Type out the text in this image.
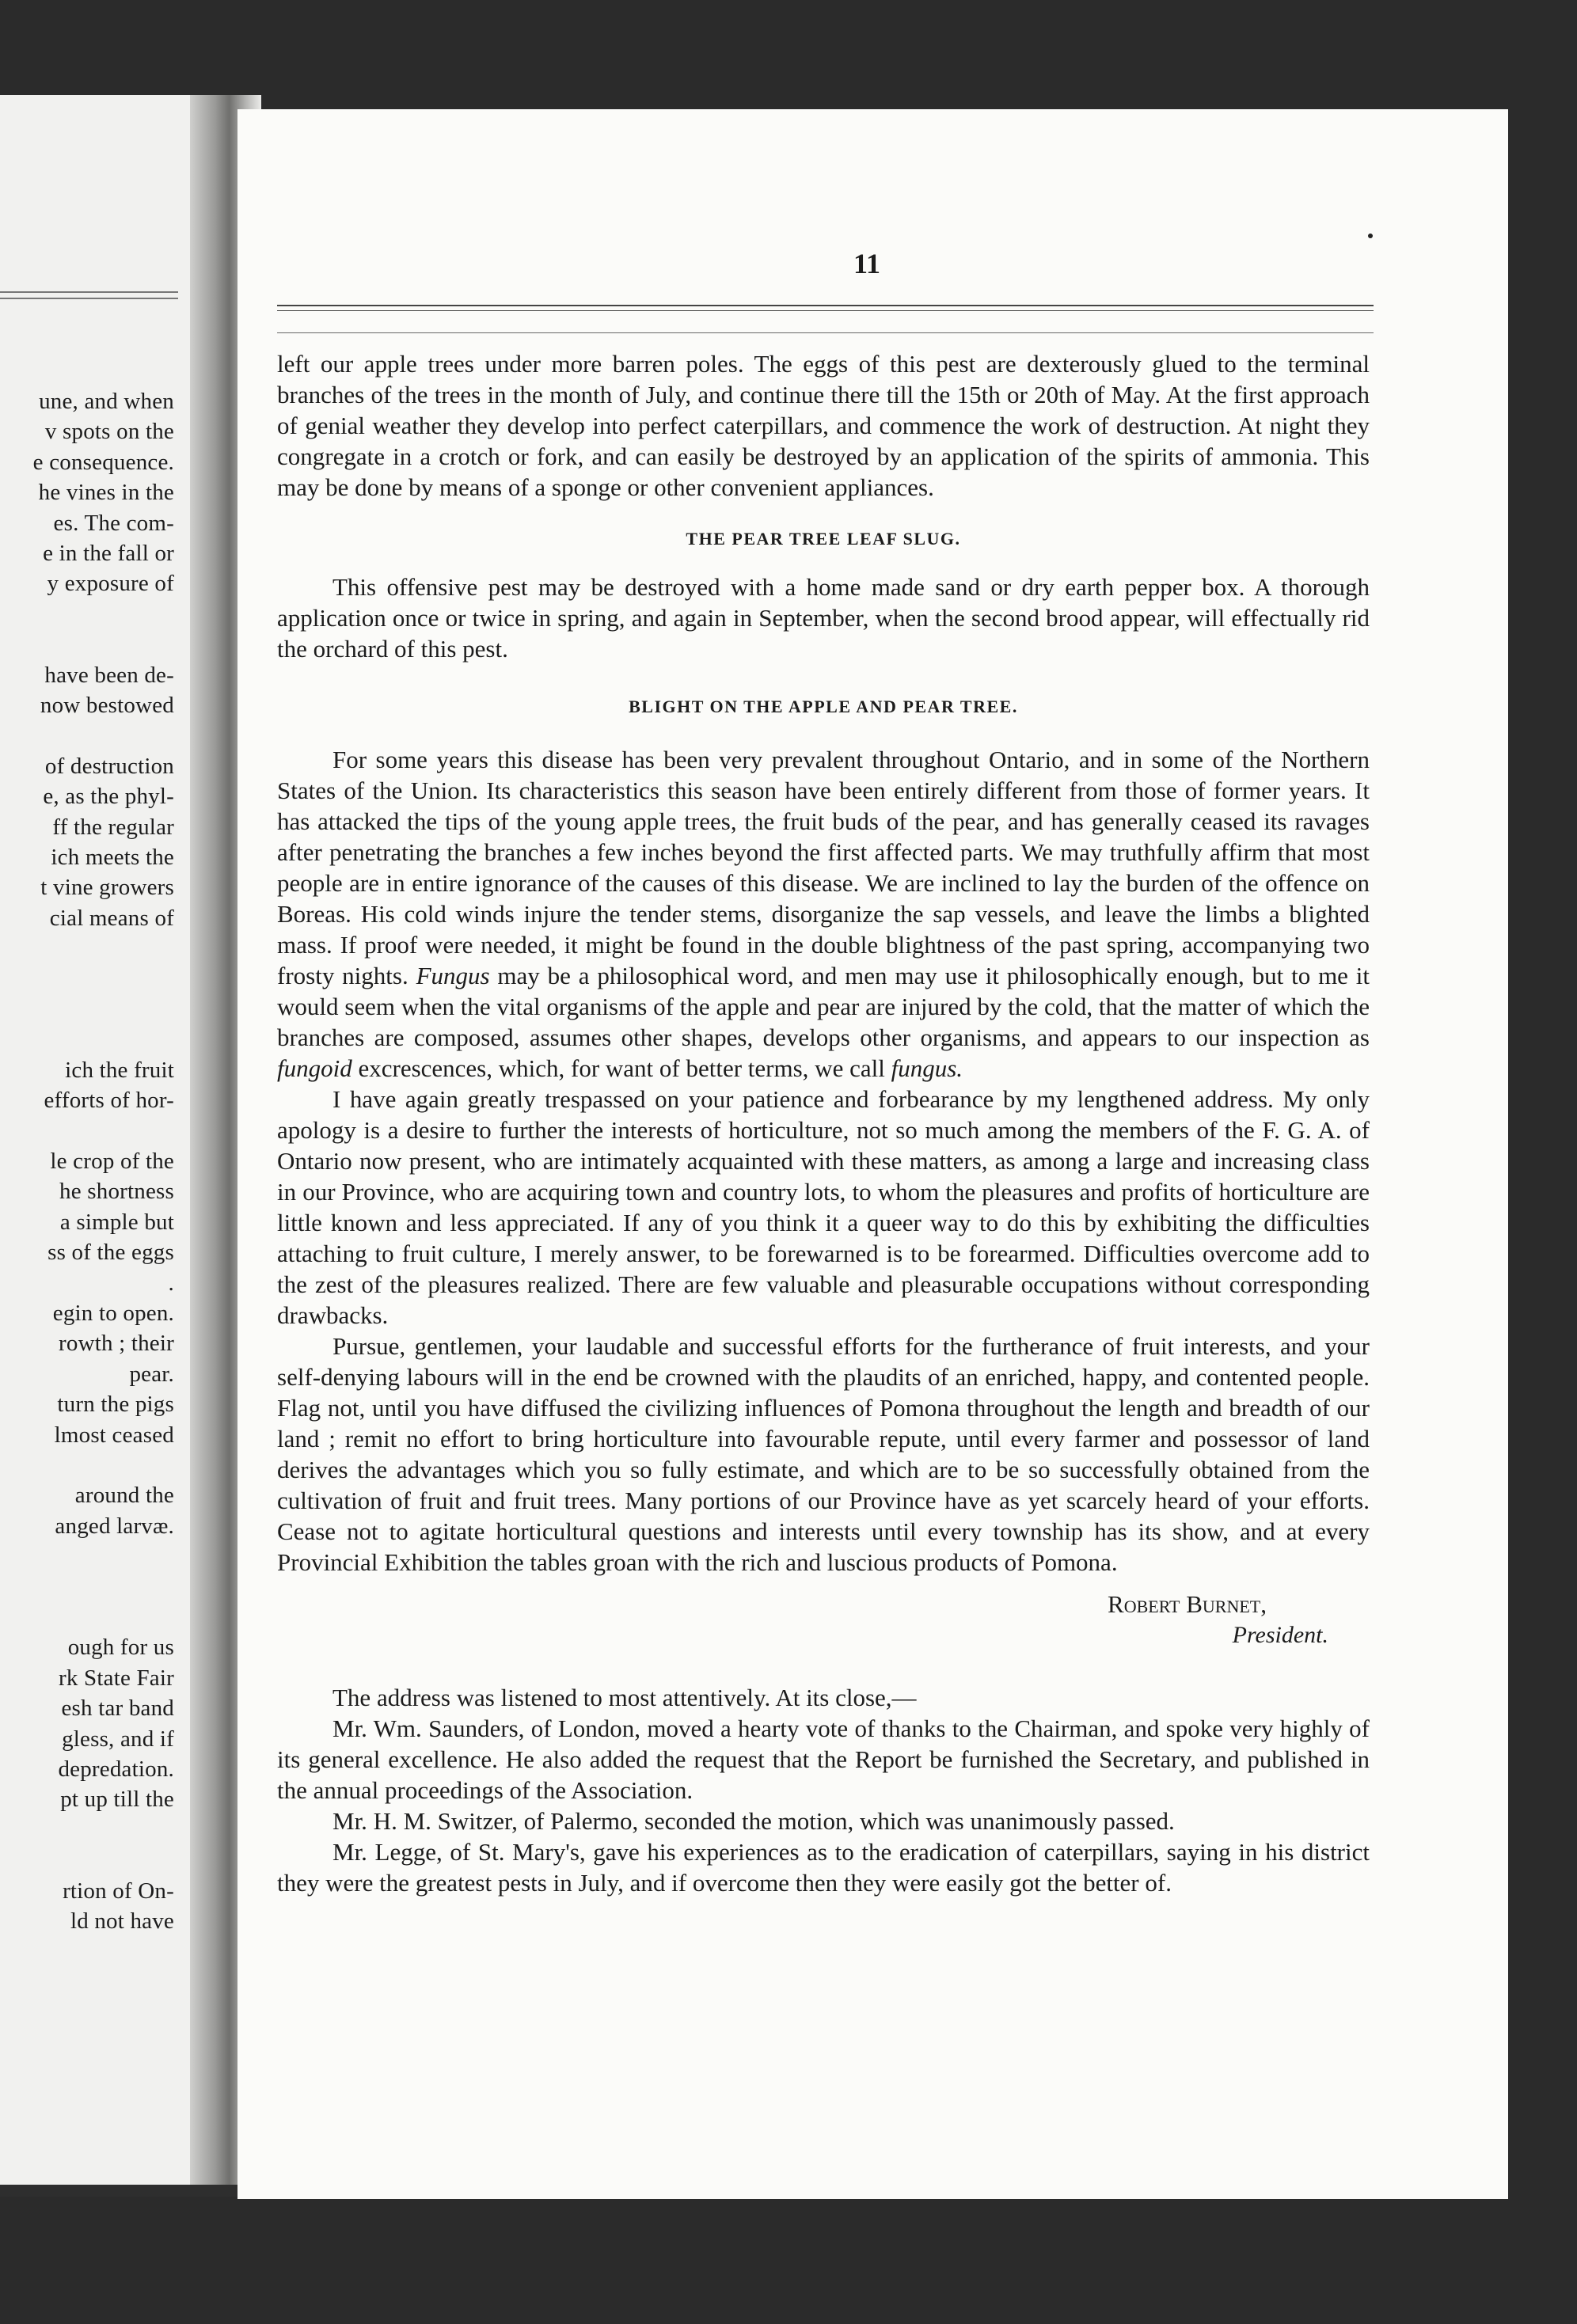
une, and when
v spots on the
e consequence.
he vines in the
es. The com-
e in the fall or
y exposure of
have been de-
now bestowed
of destruction
e, as the phyl-
ff the regular
ich meets the
t vine growers
cial means of
ich the fruit
efforts of hor-
le crop of the
he shortness
a simple but
ss of the eggs
.
egin to open.
rowth ; their
pear.
turn the pigs
lmost ceased
around the
anged larvæ.
ough for us
rk State Fair
esh tar band
gless, and if
depredation.
pt up till the
rtion of On-
ld not have
11

left our apple trees under more barren poles. The eggs of this pest are dexterously glued to the terminal branches of the trees in the month of July, and continue there till the 15th or 20th of May. At the first approach of genial weather they develop into perfect caterpillars, and commence the work of destruction. At night they congregate in a crotch or fork, and can easily be destroyed by an application of the spirits of ammonia. This may be done by means of a sponge or other convenient appliances.

THE PEAR TREE LEAF SLUG.

This offensive pest may be destroyed with a home made sand or dry earth pepper box. A thorough application once or twice in spring, and again in September, when the second brood appear, will effectually rid the orchard of this pest.

BLIGHT ON THE APPLE AND PEAR TREE.

For some years this disease has been very prevalent throughout Ontario, and in some of the Northern States of the Union. Its characteristics this season have been entirely different from those of former years. It has attacked the tips of the young apple trees, the fruit buds of the pear, and has generally ceased its ravages after penetrating the branches a few inches beyond the first affected parts. We may truthfully affirm that most people are in entire ignorance of the causes of this disease. We are inclined to lay the burden of the offence on Boreas. His cold winds injure the tender stems, disorganize the sap vessels, and leave the limbs a blighted mass. If proof were needed, it might be found in the double blightness of the past spring, accompanying two frosty nights. Fungus may be a philosophical word, and men may use it philosophically enough, but to me it would seem when the vital organisms of the apple and pear are injured by the cold, that the matter of which the branches are composed, assumes other shapes, develops other organisms, and appears to our inspection as fungoid excrescences, which, for want of better terms, we call fungus.

I have again greatly trespassed on your patience and forbearance by my lengthened address. My only apology is a desire to further the interests of horticulture, not so much among the members of the F. G. A. of Ontario now present, who are intimately acquainted with these matters, as among a large and increasing class in our Province, who are acquiring town and country lots, to whom the pleasures and profits of horticulture are little known and less appreciated. If any of you think it a queer way to do this by exhibiting the difficulties attaching to fruit culture, I merely answer, to be forewarned is to be forearmed. Difficulties overcome add to the zest of the pleasures realized. There are few valuable and pleasurable occupations without corresponding drawbacks.

Pursue, gentlemen, your laudable and successful efforts for the furtherance of fruit interests, and your self-denying labours will in the end be crowned with the plaudits of an enriched, happy, and contented people. Flag not, until you have diffused the civilizing influences of Pomona throughout the length and breadth of our land ; remit no effort to bring horticulture into favourable repute, until every farmer and possessor of land derives the advantages which you so fully estimate, and which are to be so successfully obtained from the cultivation of fruit and fruit trees. Many portions of our Province have as yet scarcely heard of your efforts. Cease not to agitate horticultural questions and interests until every township has its show, and at every Provincial Exhibition the tables groan with the rich and luscious products of Pomona.

Robert Burnet,
President.

The address was listened to most attentively. At its close,—

Mr. Wm. Saunders, of London, moved a hearty vote of thanks to the Chairman, and spoke very highly of its general excellence. He also added the request that the Report be furnished the Secretary, and published in the annual proceedings of the Association.

Mr. H. M. Switzer, of Palermo, seconded the motion, which was unanimously passed.

Mr. Legge, of St. Mary's, gave his experiences as to the eradication of caterpillars, saying in his district they were the greatest pests in July, and if overcome then they were easily got the better of.
